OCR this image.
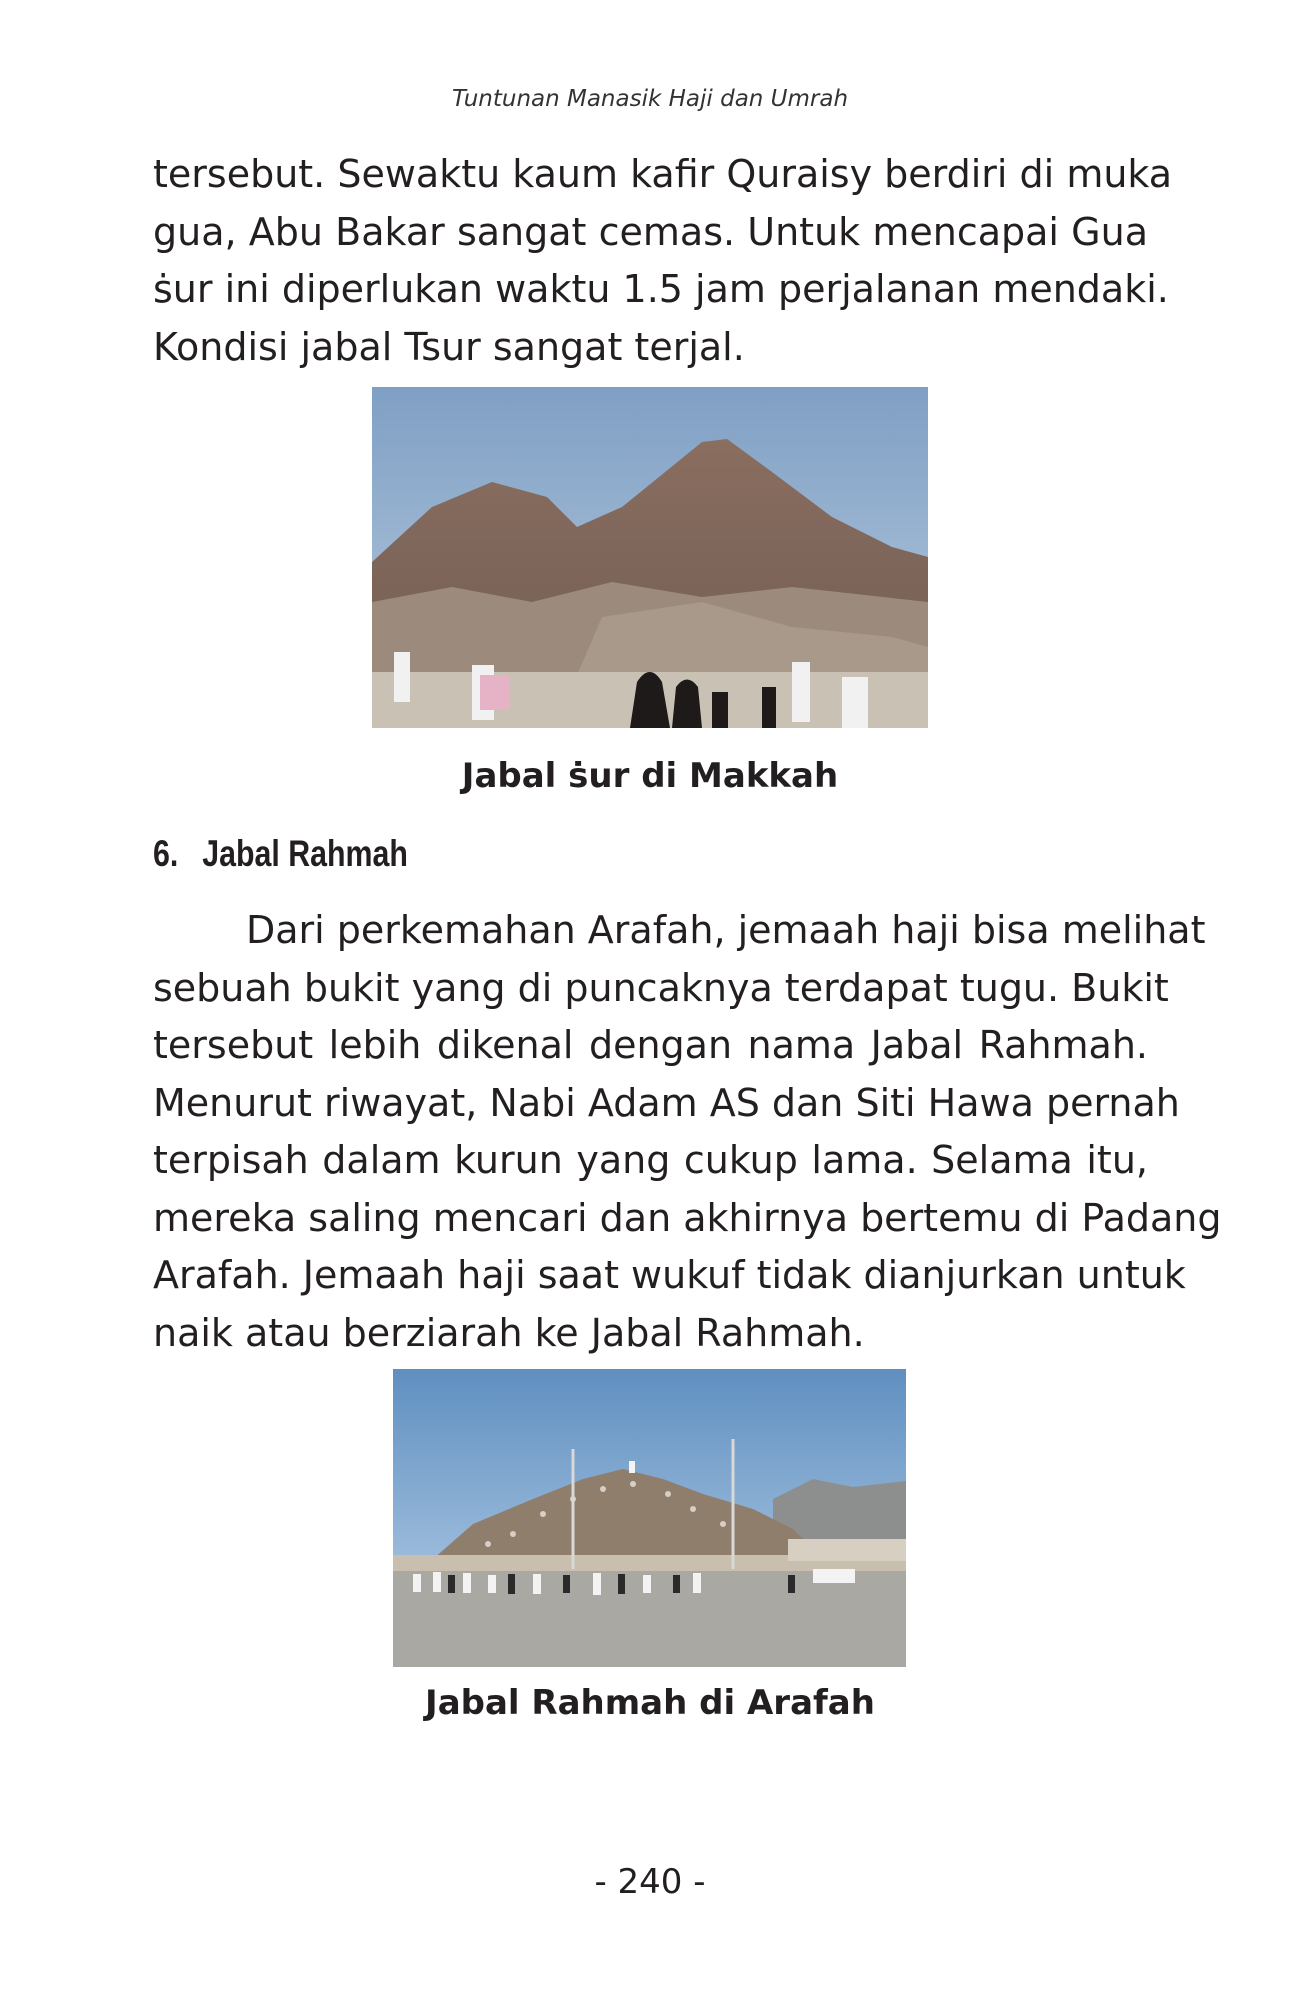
Tuntunan Manasik Haji dan Umrah

tersebut. Sewaktu kaum kafir Quraisy berdiri di muka
gua, Abu Bakar sangat cemas. Untuk mencapai Gua
ṡur ini diperlukan waktu 1.5 jam perjalanan mendaki.
Kondisi jabal Tsur sangat terjal.

Jabal ṡur di Makkah
6. Jabal Rahmah

Dari perkemahan Arafah, jemaah haji bisa melihat
sebuah bukit yang di puncaknya terdapat tugu. Bukit
tersebut lebih dikenal dengan nama Jabal Rahmah.
Menurut riwayat, Nabi Adam AS dan Siti Hawa pernah
terpisah dalam kurun yang cukup lama. Selama itu,
mereka saling mencari dan akhirnya bertemu di Padang
Arafah. Jemaah haji saat wukuf tidak dianjurkan untuk
naik atau berziarah ke Jabal Rahmah.

Jabal Rahmah di Arafah
- 240 -
